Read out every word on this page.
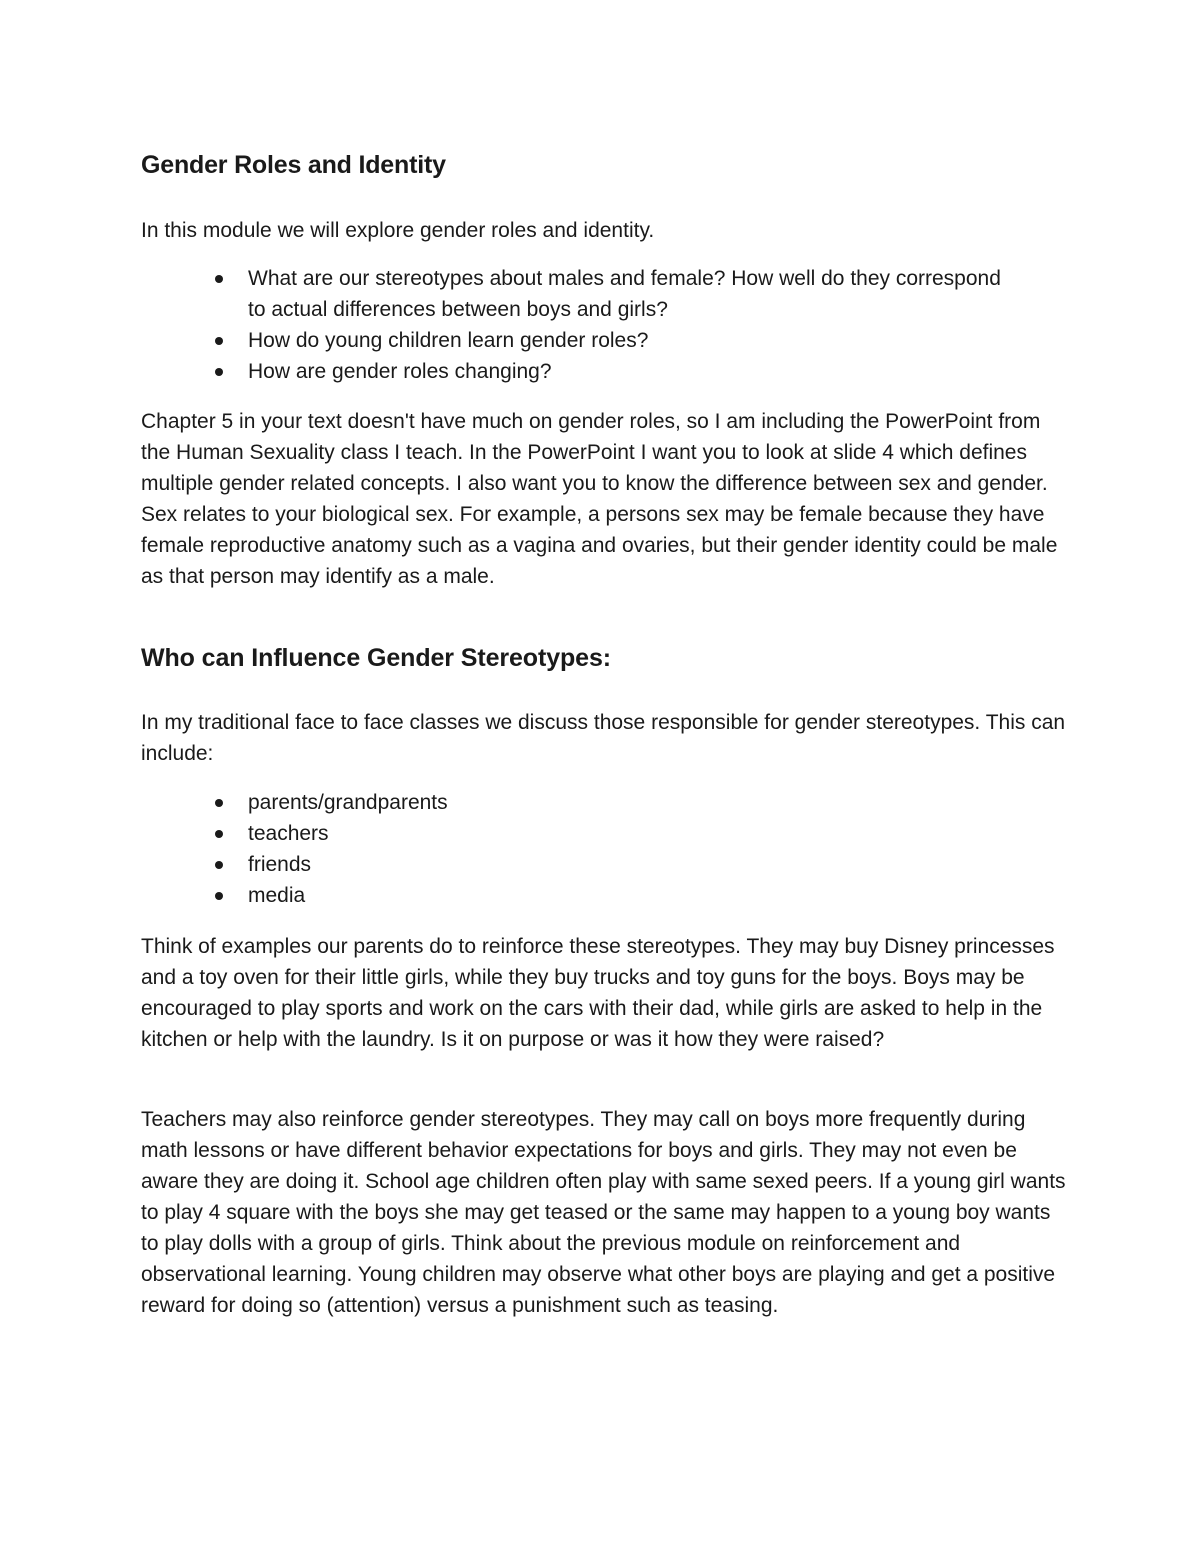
Gender Roles and Identity

In this module we will explore gender roles and identity.

What are our stereotypes about males and female? How well do they correspond to actual differences between boys and girls?
How do young children learn gender roles?
How are gender roles changing?

Chapter 5 in your text doesn't have much on gender roles, so I am including the PowerPoint from the Human Sexuality class I teach. In the PowerPoint I want you to look at slide 4 which defines multiple gender related concepts. I also want you to know the difference between sex and gender. Sex relates to your biological sex. For example, a persons sex may be female because they have female reproductive anatomy such as a vagina and ovaries, but their gender identity could be male as that person may identify as a male.

Who can Influence Gender Stereotypes:

In my traditional face to face classes we discuss those responsible for gender stereotypes. This can include:

parents/grandparents
teachers
friends
media

Think of examples our parents do to reinforce these stereotypes. They may buy Disney princesses and a toy oven for their little girls, while they buy trucks and toy guns for the boys. Boys may be encouraged to play sports and work on the cars with their dad, while girls are asked to help in the kitchen or help with the laundry. Is it on purpose or was it how they were raised?

Teachers may also reinforce gender stereotypes. They may call on boys more frequently during math lessons or have different behavior expectations for boys and girls. They may not even be aware they are doing it. School age children often play with same sexed peers. If a young girl wants to play 4 square with the boys she may get teased or the same may happen to a young boy wants to play dolls with a group of girls. Think about the previous module on reinforcement and observational learning. Young children may observe what other boys are playing and get a positive reward for doing so (attention) versus a punishment such as teasing.
